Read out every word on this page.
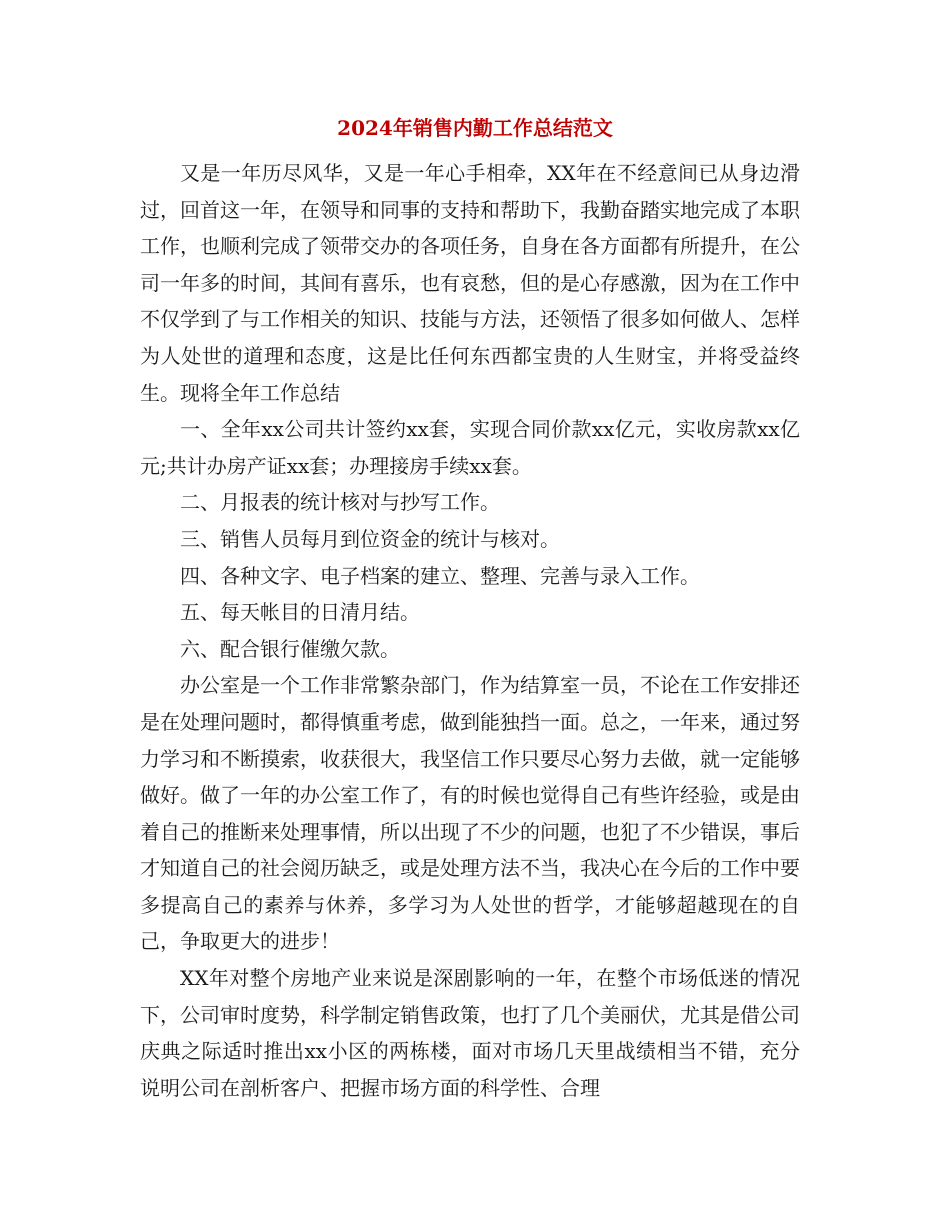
2024年销售内勤工作总结范文

又是一年历尽风华，又是一年心手相牵，XX年在不经意间已从身边滑过，回首这一年，在领导和同事的支持和帮助下，我勤奋踏实地完成了本职工作，也顺利完成了领带交办的各项任务，自身在各方面都有所提升，在公司一年多的时间，其间有喜乐，也有哀愁，但的是心存感激，因为在工作中不仅学到了与工作相关的知识、技能与方法，还领悟了很多如何做人、怎样为人处世的道理和态度，这是比任何东西都宝贵的人生财宝，并将受益终生。现将全年工作总结

一、全年xx公司共计签约xx套，实现合同价款xx亿元，实收房款xx亿元;共计办房产证xx套；办理接房手续xx套。

二、月报表的统计核对与抄写工作。

三、销售人员每月到位资金的统计与核对。

四、各种文字、电子档案的建立、整理、完善与录入工作。

五、每天帐目的日清月结。

六、配合银行催缴欠款。

办公室是一个工作非常繁杂部门，作为结算室一员，不论在工作安排还是在处理问题时，都得慎重考虑，做到能独挡一面。总之，一年来，通过努力学习和不断摸索，收获很大，我坚信工作只要尽心努力去做，就一定能够做好。做了一年的办公室工作了，有的时候也觉得自己有些许经验，或是由着自己的推断来处理事情，所以出现了不少的问题，也犯了不少错误，事后才知道自己的社会阅历缺乏，或是处理方法不当，我决心在今后的工作中要多提高自己的素养与休养，多学习为人处世的哲学，才能够超越现在的自己，争取更大的进步！

XX年对整个房地产业来说是深剧影响的一年，在整个市场低迷的情况下，公司审时度势，科学制定销售政策，也打了几个美丽伏，尤其是借公司庆典之际适时推出xx小区的两栋楼，面对市场几天里战绩相当不错，充分说明公司在剖析客户、把握市场方面的科学性、合理
